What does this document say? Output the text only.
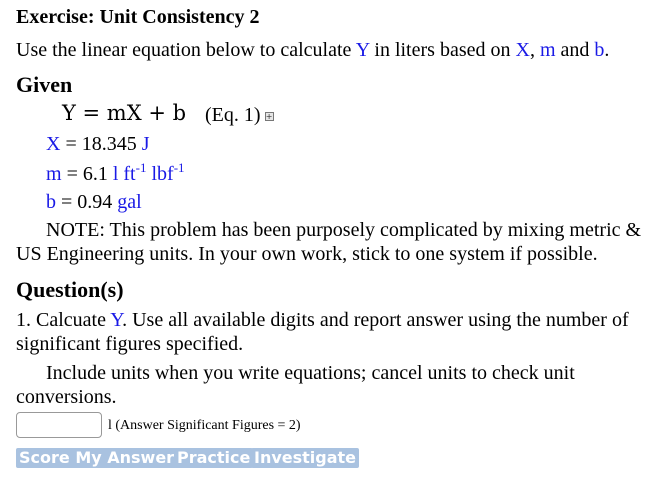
Exercise: Unit Consistency 2
Use the linear equation below to calculate Y in liters based on X, m and b.
Given
Y = mX + b (Eq. 1) +
X = 18.345 J
m = 6.1 l $ft^{-1}$ lbf$^{-1}$
b = 0.94 gal
NOTE: This problem has been purposely complicated by mixing metric & US Engineering units. In your own work, stick to one system if possible.
Question(s)
1. Calcuate Y. Use all available digits and report answer using the number of significant figures specified.
Include units when you write equations; cancel units to check unit conversions.
l (Answer Significant Figures = 2)
Score My Answer Practice Investigate
